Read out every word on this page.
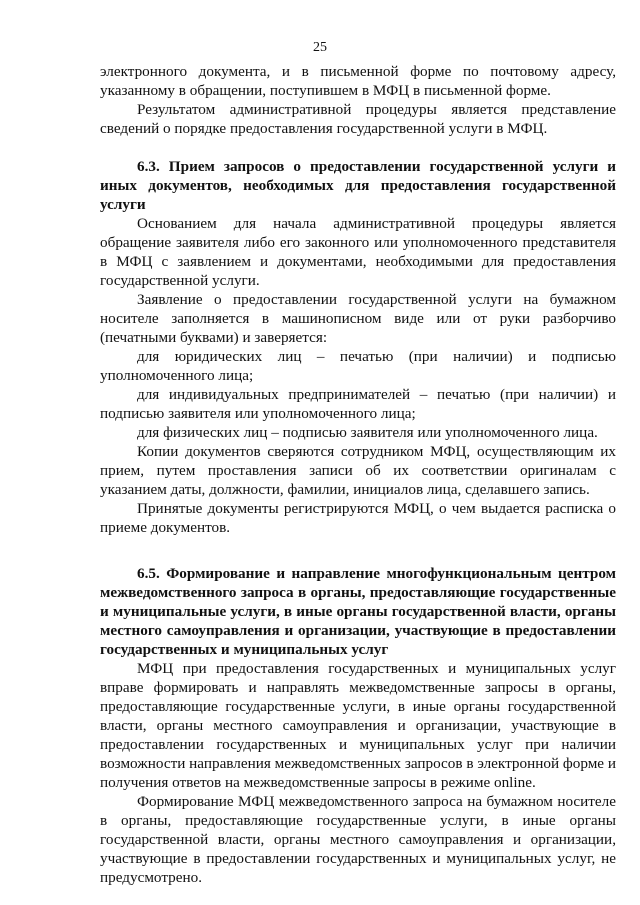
25

электронного документа, и в письменной форме по почтовому адресу, указанному в обращении, поступившем в МФЦ в письменной форме.

Результатом административной процедуры является представление сведений о порядке предоставления государственной услуги в МФЦ.

6.3. Прием запросов о предоставлении государственной услуги и иных документов, необходимых для предоставления государственной услуги

Основанием для начала административной процедуры является обращение заявителя либо его законного или уполномоченного представителя в МФЦ с заявлением и документами, необходимыми для предоставления государственной услуги.

Заявление о предоставлении государственной услуги на бумажном носителе заполняется в машинописном виде или от руки разборчиво (печатными буквами) и заверяется:

для юридических лиц – печатью (при наличии) и подписью уполномоченного лица;

для индивидуальных предпринимателей – печатью (при наличии) и подписью заявителя или уполномоченного лица;

для физических лиц – подписью заявителя или уполномоченного лица.

Копии документов сверяются сотрудником МФЦ, осуществляющим их прием, путем проставления записи об их соответствии оригиналам с указанием даты, должности, фамилии, инициалов лица, сделавшего запись.

Принятые документы регистрируются МФЦ, о чем выдается расписка о приеме документов.

6.5. Формирование и направление многофункциональным центром межведомственного запроса в органы, предоставляющие государственные и муниципальные услуги, в иные органы государственной власти, органы местного самоуправления и организации, участвующие в предоставлении государственных и муниципальных услуг

МФЦ при предоставления государственных и муниципальных услуг вправе формировать и направлять межведомственные запросы в органы, предоставляющие государственные услуги, в иные органы государственной власти, органы местного самоуправления и организации, участвующие в предоставлении государственных и муниципальных услуг при наличии возможности направления межведомственных запросов в электронной форме и получения ответов на межведомственные запросы в режиме online.

Формирование МФЦ межведомственного запроса на бумажном носителе в органы, предоставляющие государственные услуги, в иные органы государственной власти, органы местного самоуправления и организации, участвующие в предоставлении государственных и муниципальных услуг, не предусмотрено.
